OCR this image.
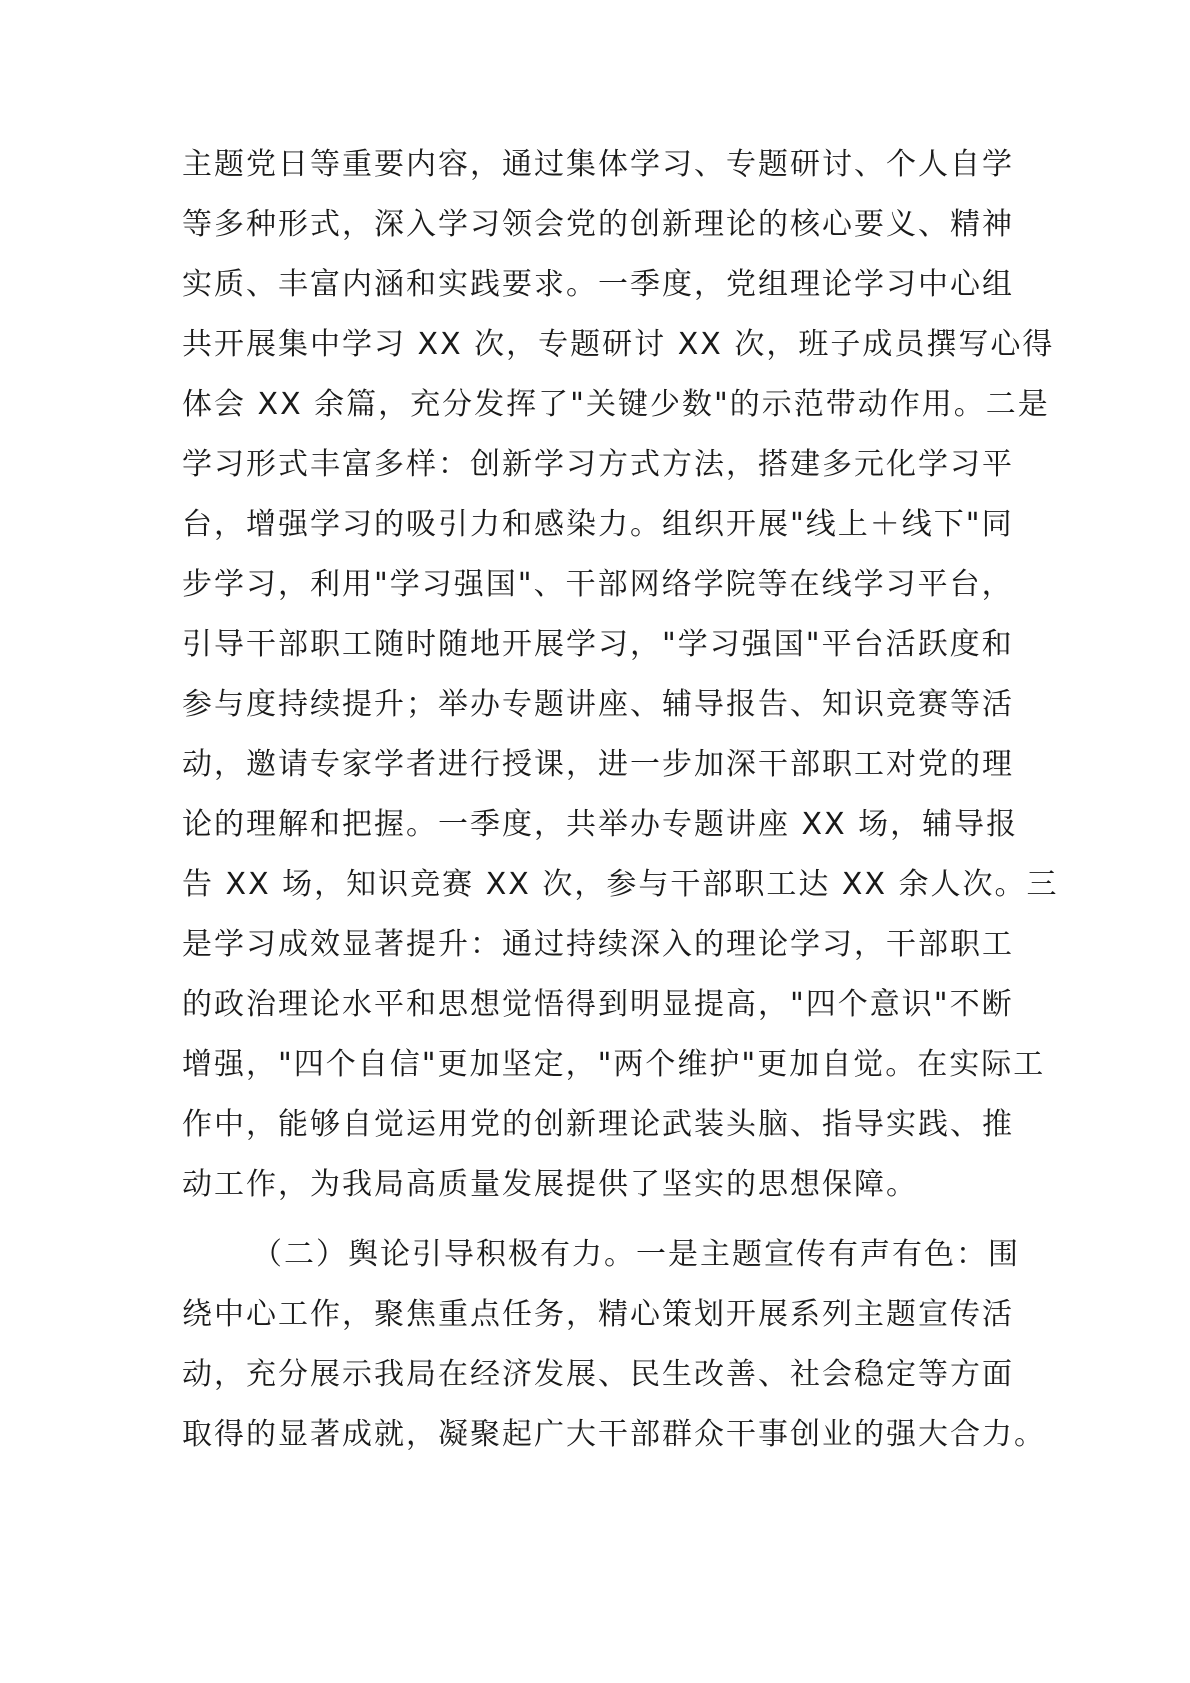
主题党日等重要内容，通过集体学习、专题研讨、个人自学
等多种形式，深入学习领会党的创新理论的核心要义、精神
实质、丰富内涵和实践要求。一季度，党组理论学习中心组
共开展集中学习 XX 次，专题研讨 XX 次，班子成员撰写心得
体会 XX 余篇，充分发挥了"关键少数"的示范带动作用。二是
学习形式丰富多样：创新学习方式方法，搭建多元化学习平
台，增强学习的吸引力和感染力。组织开展"线上＋线下"同
步学习，利用"学习强国"、干部网络学院等在线学习平台，
引导干部职工随时随地开展学习，"学习强国"平台活跃度和
参与度持续提升；举办专题讲座、辅导报告、知识竞赛等活
动，邀请专家学者进行授课，进一步加深干部职工对党的理
论的理解和把握。一季度，共举办专题讲座 XX 场，辅导报
告 XX 场，知识竞赛 XX 次，参与干部职工达 XX 余人次。三
是学习成效显著提升：通过持续深入的理论学习，干部职工
的政治理论水平和思想觉悟得到明显提高，"四个意识"不断
增强，"四个自信"更加坚定，"两个维护"更加自觉。在实际工
作中，能够自觉运用党的创新理论武装头脑、指导实践、推
动工作，为我局高质量发展提供了坚实的思想保障。
（二）舆论引导积极有力。一是主题宣传有声有色：围
绕中心工作，聚焦重点任务，精心策划开展系列主题宣传活
动，充分展示我局在经济发展、民生改善、社会稳定等方面
取得的显著成就，凝聚起广大干部群众干事创业的强大合力。
